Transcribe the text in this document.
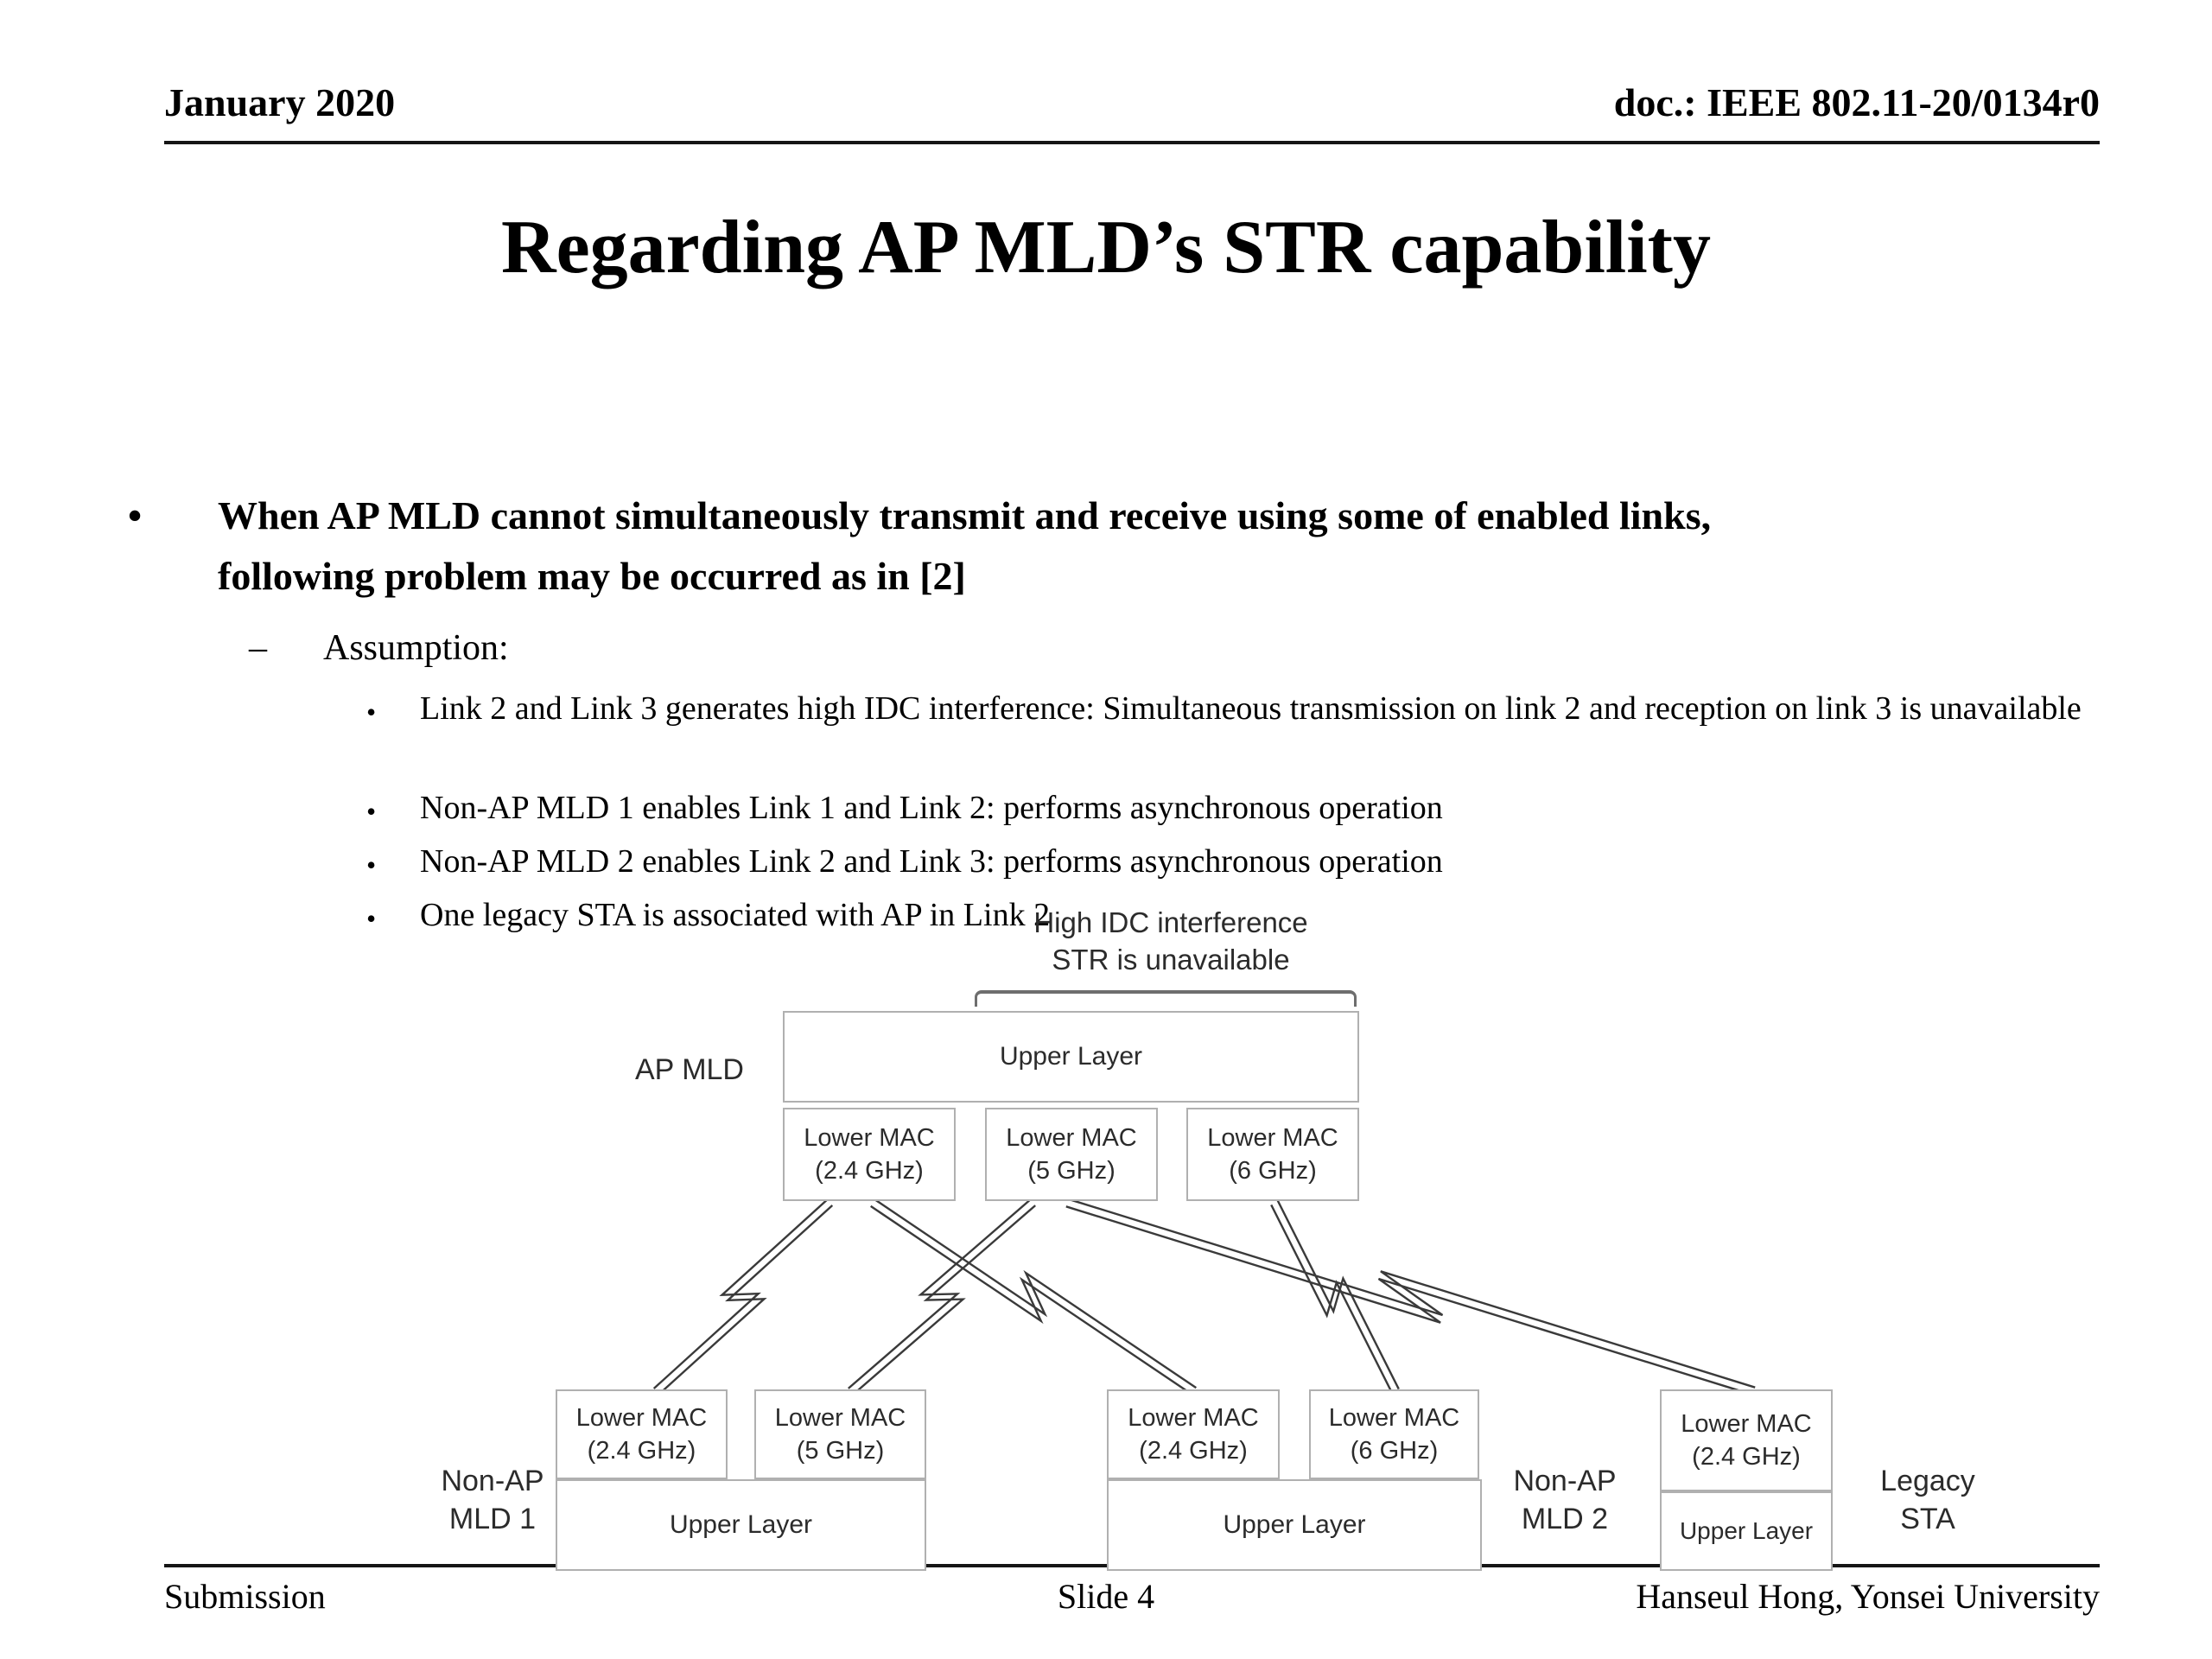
January 2020	doc.: IEEE 802.11-20/0134r0
Regarding AP MLD’s STR capability
• When AP MLD cannot simultaneously transmit and receive using some of enabled links,
following problem may be occurred as in [2]
– Assumption:
• Link 2 and Link 3 generates high IDC interference: Simultaneous transmission on link 2 and reception on link 3 is unavailable
• Non-AP MLD 1 enables Link 1 and Link 2: performs asynchronous operation
• Non-AP MLD 2 enables Link 2 and Link 3: performs asynchronous operation
• One legacy STA is associated with AP in Link 2
High IDC interference
STR is unavailable
AP MLD	Upper Layer
Lower MAC
(2.4 GHz)
Lower MAC
(5 GHz)
Lower MAC
(6 GHz)
Non-AP
MLD 1
Lower MAC
(2.4 GHz)
Lower MAC
(5 GHz)
Upper Layer
Lower MAC
(2.4 GHz)
Lower MAC
(6 GHz)
Upper Layer
Non-AP
MLD 2
Lower MAC
(2.4 GHz)
Upper Layer
Legacy
STA
Submission	Slide 4	Hanseul Hong, Yonsei University
